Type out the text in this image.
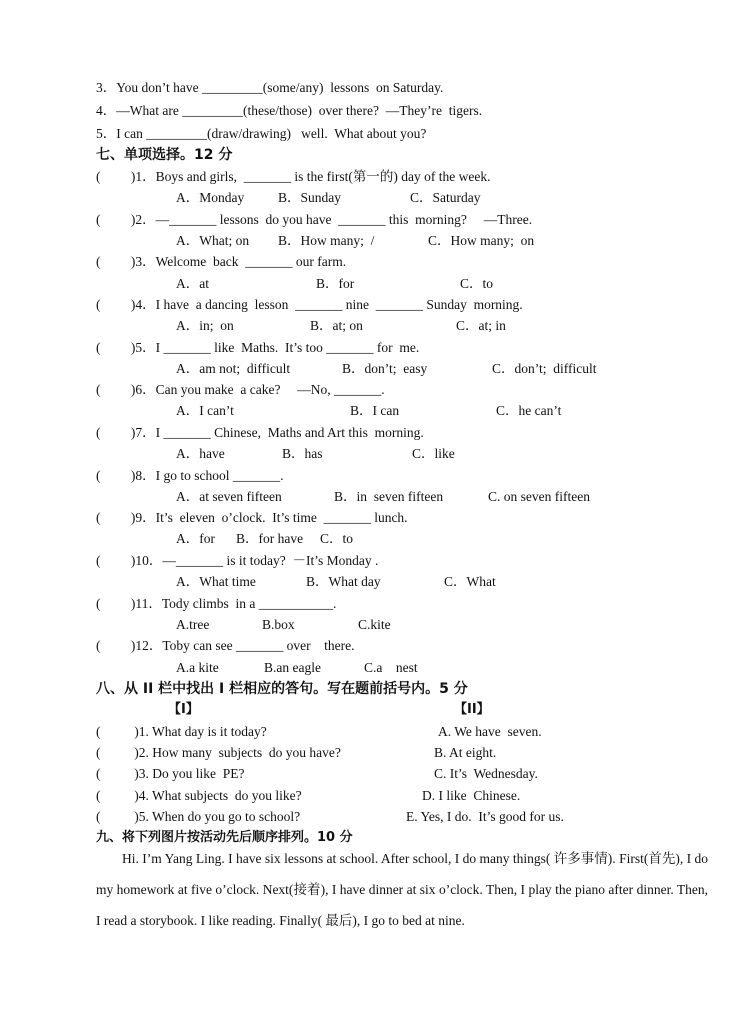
3．You don’t have _________(some/any)  lessons  on Saturday.
4．—What are _________(these/those)  over there?  —They’re  tigers.
5．I can _________(draw/drawing)   well.  What about you?
七、单项选择。12 分
(         )1．Boys and girls,  _______ is the first(第一的) day of the week.
A．Monday	B．Sunday	C．Saturday
(         )2．—_______ lessons  do you have  _______ this  morning?     —Three.
A．What; on B．How many;  /	C．How many;  on
(         )3．Welcome  back  _______ our farm.
A．at	B．for	C．to
(         )4．I have  a dancing  lesson  _______ nine  _______ Sunday  morning.
A．in;  on	B．at; on	C．at; in
(         )5．I _______ like  Maths.  It’s too _______ for  me.
A．am not;  difficult	B．don’t;  easy	C．don’t;  difficult
(         )6．Can you make  a cake?     —No, _______.
A．I can’t	B．I can	C．he can’t
(         )7．I _______ Chinese,  Maths and Art this  morning.
A．have	B．has	C．like
(         )8．I go to school _______.
A．at seven fifteen	B．in  seven fifteen	C. on seven fifteen
(         )9．It’s  eleven  o’clock.  It’s time  _______ lunch.
A．for B．for have C．to
(         )10．—_______ is it today?  －It’s Monday .
A．What time	B．What day	C．What
(         )11．Tody climbs  in a ___________.
A.tree	B.box	C.kite
(         )12．Toby can see _______ over    there.
A.a kite	B.an eagle	C.a    nest
八、从 II 栏中找出 I 栏相应的答句。写在题前括号内。5 分
【I】	【II】
(          )1. What day is it today?	A. We have  seven.
(          )2. How many  subjects  do you have?	B. At eight.
(          )3. Do you like  PE?	C. It’s  Wednesday.
(          )4. What subjects  do you like?	D. I like  Chinese.
(          )5. When do you go to school?	E. Yes, I do.  It’s good for us.
九、将下列图片按活动先后顺序排列。10 分
Hi. I’m Yang Ling. I have six lessons at school. After school, I do many things( 许多事情). First(首先), I do my homework at five o’clock. Next(接着), I have dinner at six o’clock. Then, I play the piano after dinner. Then, I read a storybook. I like reading. Finally( 最后), I go to bed at nine.
